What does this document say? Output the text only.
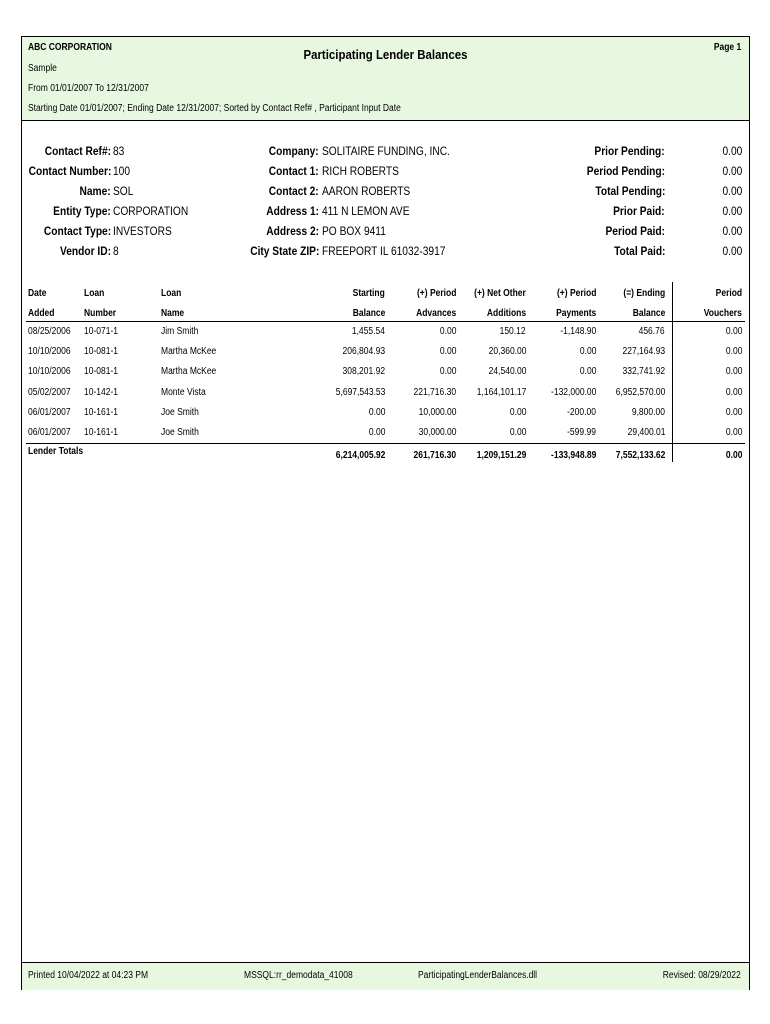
ABC CORPORATION	Participating Lender Balances	Page 1
Sample
From 01/01/2007 To 12/31/2007
Starting Date 01/01/2007; Ending Date 12/31/2007; Sorted by Contact Ref# , Participant Input Date
Contact Ref#: 83
Contact Number: 100
Name: SOL
Entity Type: CORPORATION
Contact Type: INVESTORS
Vendor ID: 8
Company: SOLITAIRE FUNDING, INC.
Contact 1: RICH ROBERTS
Contact 2: AARON ROBERTS
Address 1: 411 N LEMON AVE
Address 2: PO BOX 9411
City State ZIP: FREEPORT IL 61032-3917
Prior Pending:	0.00
Period Pending:	0.00
Total Pending:	0.00
Prior Paid:	0.00
Period Paid:	0.00
Total Paid:	0.00
Date	Loan	Loan	Starting	(+) Period (+) Net Other	(+) Period	(=) Ending	Period
Added	Number	Name	Balance	Advances	Additions	Payments	Balance	Vouchers
08/25/2006 10-071-1	Jim Smith	1,455.54	0.00	150.12	-1,148.90	456.76	0.00
10/10/2006 10-081-1	Martha McKee	206,804.93	0.00	20,360.00	0.00	227,164.93	0.00
10/10/2006 10-081-1	Martha McKee	308,201.92	0.00	24,540.00	0.00	332,741.92	0.00
05/02/2007 10-142-1	Monte Vista	5,697,543.53	221,716.30 1,164,101.17 -132,000.00 6,952,570.00	0.00
06/01/2007 10-161-1	Joe Smith	0.00	10,000.00	0.00	-200.00	9,800.00	0.00
06/01/2007 10-161-1	Joe Smith	0.00	30,000.00	0.00	-599.99	29,400.01	0.00
Lender Totals	6,214,005.92	261,716.30 1,209,151.29 -133,948.89 7,552,133.62	0.00
Printed 10/04/2022 at 04:23 PM	MSSQL:rr_demodata_41008	ParticipatingLenderBalances.dll	Revised: 08/29/2022
